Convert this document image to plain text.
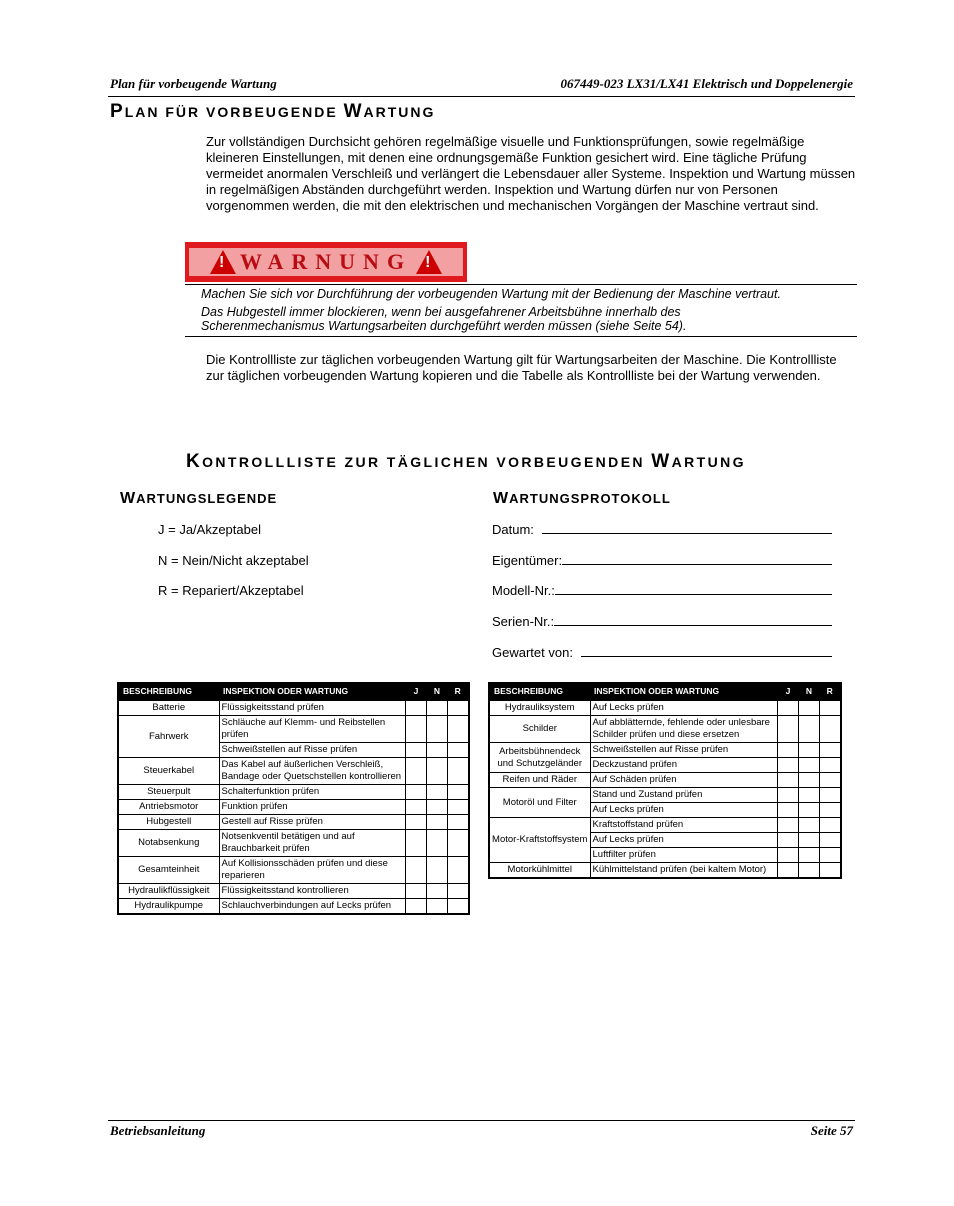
Plan für vorbeugende Wartung	067449-023 LX31/LX41 Elektrisch und Doppelenergie
PLAN FÜR VORBEUGENDE WARTUNG
Zur vollständigen Durchsicht gehören regelmäßige visuelle und Funktionsprüfungen, sowie regelmäßige kleineren Einstellungen, mit denen eine ordnungsgemäße Funktion gesichert wird. Eine tägliche Prüfung vermeidet anormalen Verschleiß und verlängert die Lebensdauer aller Systeme. Inspektion und Wartung müssen in regelmäßigen Abständen durchgeführt werden. Inspektion und Wartung dürfen nur von Personen vorgenommen werden, die mit den elektrischen und mechanischen Vorgängen der Maschine vertraut sind.
! WARNUNG !
Machen Sie sich vor Durchführung der vorbeugenden Wartung mit der Bedienung der Maschine vertraut.
Das Hubgestell immer blockieren, wenn bei ausgefahrener Arbeitsbühne innerhalb des Scherenmechanismus Wartungsarbeiten durchgeführt werden müssen (siehe Seite 54).
Die Kontrollliste zur täglichen vorbeugenden Wartung gilt für Wartungsarbeiten der Maschine. Die Kontrollliste zur täglichen vorbeugenden Wartung kopieren und die Tabelle als Kontrollliste bei der Wartung verwenden.
KONTROLLLISTE ZUR TÄGLICHEN VORBEUGENDEN WARTUNG
WARTUNGSLEGENDE
J = Ja/Akzeptabel
N = Nein/Nicht akzeptabel
R = Repariert/Akzeptabel
WARTUNGSPROTOKOLL
Datum:
Eigentümer:
Modell-Nr.:
Serien-Nr.:
Gewartet von:
BESCHREIBUNG	INSPEKTION ODER WARTUNG	J	N	R
Batterie	Flüssigkeitsstand prüfen			
Fahrwerk	Schläuche auf Klemm- und Reibstellen prüfen			
	Schweißstellen auf Risse prüfen			
Steuerkabel	Das Kabel auf äußerlichen Verschleiß, Bandage oder Quetschstellen kontrollieren			
Steuerpult	Schalterfunktion prüfen			
Antriebsmotor	Funktion prüfen			
Hubgestell	Gestell auf Risse prüfen			
Notabsenkung	Notsenkventil betätigen und auf Brauchbarkeit prüfen			
Gesamteinheit	Auf Kollisionsschäden prüfen und diese reparieren			
Hydraulikflüssigkeit	Flüssigkeitsstand kontrollieren			
Hydraulikpumpe	Schlauchverbindungen auf Lecks prüfen			
BESCHREIBUNG	INSPEKTION ODER WARTUNG	J	N	R
Hydrauliksystem	Auf Lecks prüfen			
Schilder	Auf abblätternde, fehlende oder unlesbare Schilder prüfen und diese ersetzen			
Arbeitsbühnendeck und Schutzgeländer	Schweißstellen auf Risse prüfen			
	Deckzustand prüfen			
Reifen und Räder	Auf Schäden prüfen			
Motoröl und Filter	Stand und Zustand prüfen			
	Auf Lecks prüfen			
Motor-Kraftstoffsystem	Kraftstoffstand prüfen			
	Auf Lecks prüfen			
	Luftfilter prüfen			
Motorkühlmittel	Kühlmittelstand prüfen (bei kaltem Motor)			
Betriebsanleitung	Seite 57
